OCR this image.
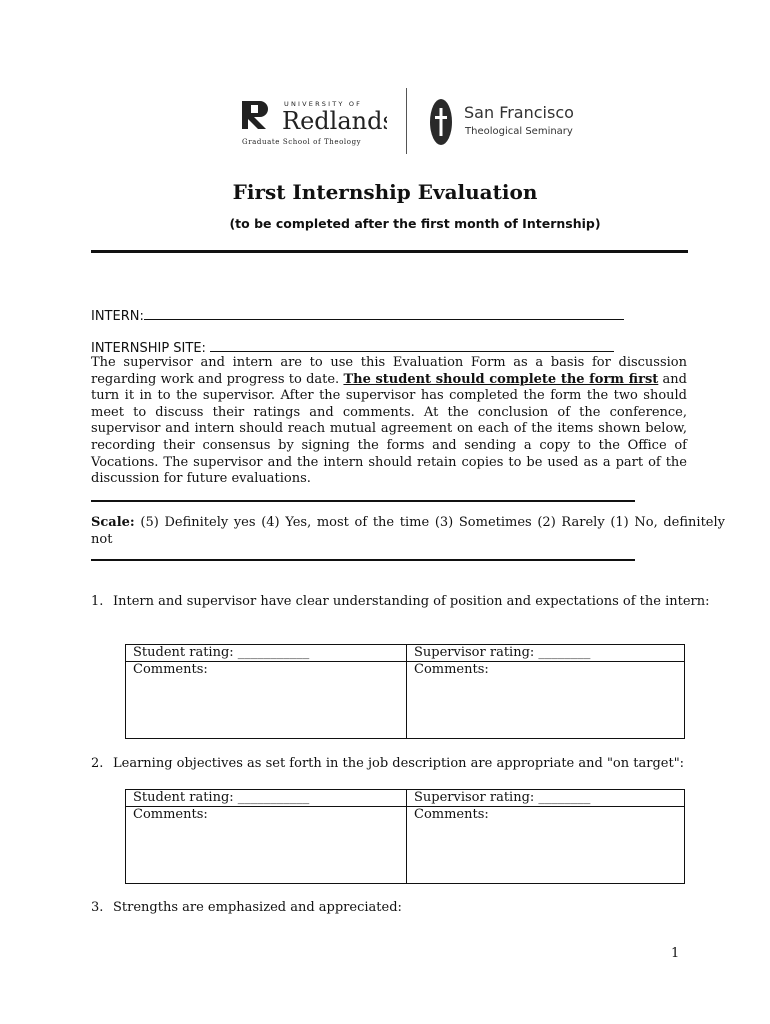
UNIVERSITY OF
Redlands
Graduate School of Theology
San Francisco
Theological Seminary
First Internship Evaluation
(to be completed after the first month of Internship)
INTERN:
INTERNSHIP SITE:
The supervisor and intern are to use this Evaluation Form as a basis for discussion regarding work and progress to date. The student should complete the form first and turn it in to the supervisor. After the supervisor has completed the form the two should meet to discuss their ratings and comments. At the conclusion of the conference, supervisor and intern should reach mutual agreement on each of the items shown below, recording their consensus by signing the forms and sending a copy to the Office of Vocations. The supervisor and the intern should retain copies to be used as a part of the discussion for future evaluations.
Scale: (5) Definitely yes (4) Yes, most of the time (3) Sometimes (2) Rarely (1) No, definitely not
1. Intern and supervisor have clear understanding of position and expectations of the intern:
Student rating: ___________	Supervisor rating: ________
Comments:	Comments:
2. Learning objectives as set forth in the job description are appropriate and "on target":
Student rating: ___________	Supervisor rating: ________
Comments:	Comments:
3. Strengths are emphasized and appreciated:
1
